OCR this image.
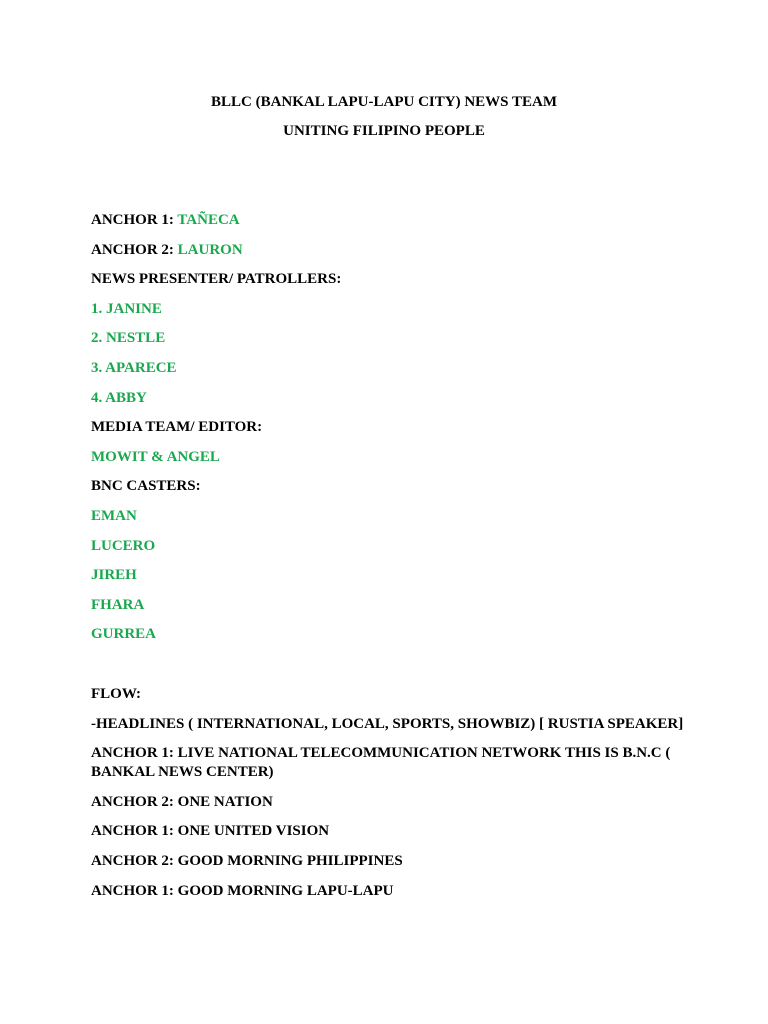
BLLC (BANKAL LAPU-LAPU CITY) NEWS TEAM
UNITING FILIPINO PEOPLE
ANCHOR 1: TAÑECA
ANCHOR 2: LAURON
NEWS PRESENTER/ PATROLLERS:
1. JANINE
2. NESTLE
3. APARECE
4. ABBY
MEDIA TEAM/ EDITOR:
MOWIT & ANGEL
BNC CASTERS:
EMAN
LUCERO
JIREH
FHARA
GURREA
FLOW:
-HEADLINES ( INTERNATIONAL, LOCAL, SPORTS, SHOWBIZ) [ RUSTIA SPEAKER]
ANCHOR 1: LIVE NATIONAL TELECOMMUNICATION NETWORK THIS IS B.N.C ( BANKAL NEWS CENTER)
ANCHOR 2: ONE NATION
ANCHOR 1: ONE UNITED VISION
ANCHOR 2: GOOD MORNING PHILIPPINES
ANCHOR 1: GOOD MORNING LAPU-LAPU
